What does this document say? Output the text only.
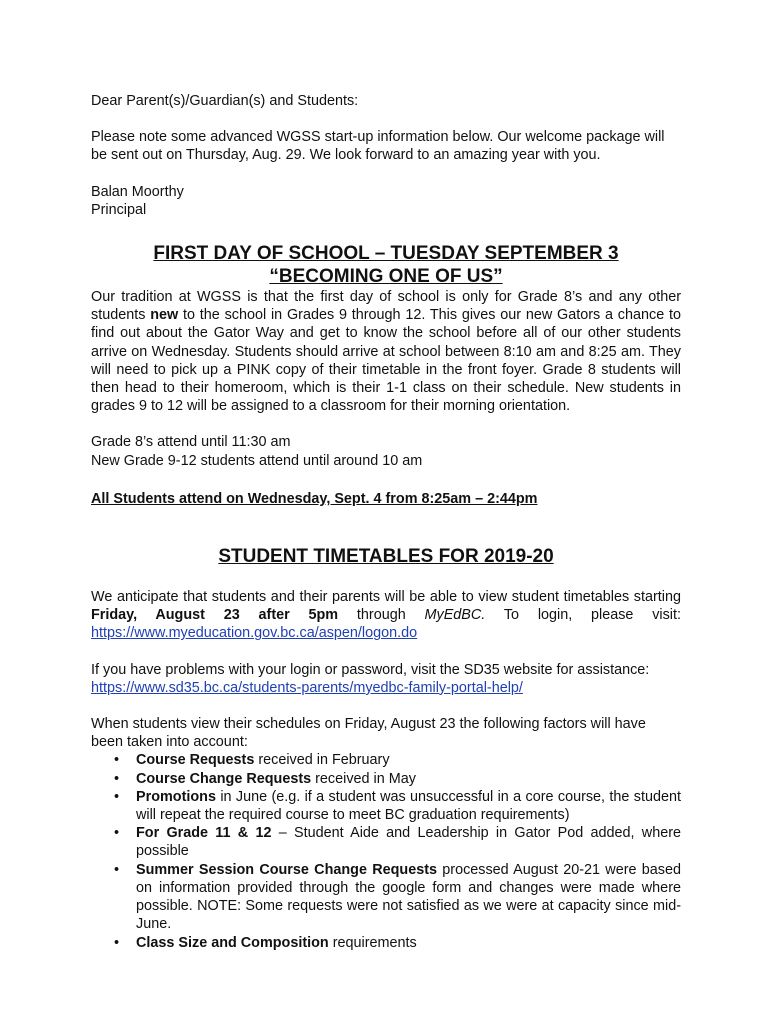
Dear Parent(s)/Guardian(s) and Students:

Please note some advanced WGSS start-up information below. Our welcome package will be sent out on Thursday, Aug. 29. We look forward to an amazing year with you.

Balan Moorthy

Principal

FIRST DAY OF SCHOOL – TUESDAY SEPTEMBER 3
“BECOMING ONE OF US”

Our tradition at WGSS is that the first day of school is only for Grade 8’s and any other students new to the school in Grades 9 through 12. This gives our new Gators a chance to find out about the Gator Way and get to know the school before all of our other students arrive on Wednesday. Students should arrive at school between 8:10 am and 8:25 am. They will need to pick up a PINK copy of their timetable in the front foyer. Grade 8 students will then head to their homeroom, which is their 1-1 class on their schedule. New students in grades 9 to 12 will be assigned to a classroom for their morning orientation.

Grade 8’s attend until 11:30 am

New Grade 9-12 students attend until around 10 am

All Students attend on Wednesday, Sept. 4 from 8:25am – 2:44pm

STUDENT TIMETABLES FOR 2019-20

We anticipate that students and their parents will be able to view student timetables starting Friday, August 23 after 5pm through MyEdBC. To login, please visit: https://www.myeducation.gov.bc.ca/aspen/logon.do

If you have problems with your login or password, visit the SD35 website for assistance: https://www.sd35.bc.ca/students-parents/myedbc-family-portal-help/

When students view their schedules on Friday, August 23 the following factors will have been taken into account:

• Course Requests received in February
• Course Change Requests received in May
• Promotions in June (e.g. if a student was unsuccessful in a core course, the student will repeat the required course to meet BC graduation requirements)
• For Grade 11 & 12 – Student Aide and Leadership in Gator Pod added, where possible
• Summer Session Course Change Requests processed August 20-21 were based on information provided through the google form and changes were made where possible. NOTE: Some requests were not satisfied as we were at capacity since mid-June.
• Class Size and Composition requirements
